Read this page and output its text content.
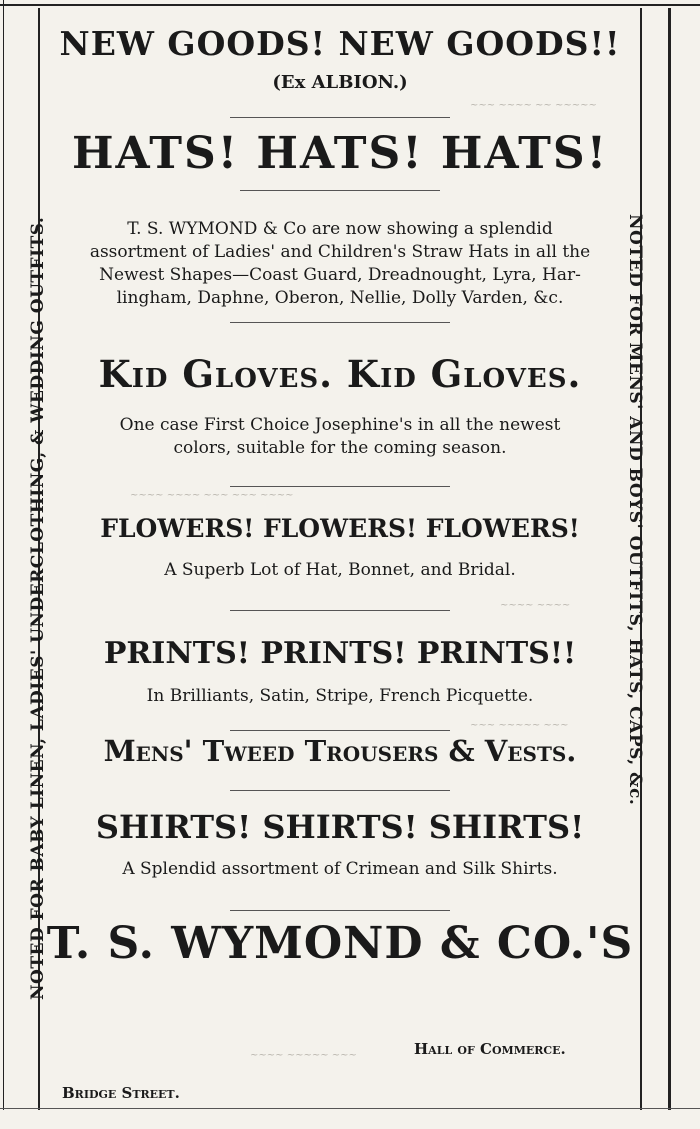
~~~ ~~~~ ~~ ~~~~~
~~~~ ~~~~ ~~~ ~~~ ~~~~
~~~~ ~~~~
~~~ ~~~~~ ~~~
~~~~ ~~~~~ ~~~
NOTED FOR BABY LINEN, LADIES' UNDERCLOTHING, & WEDDING OUTFITS.	NOTED FOR MENS' AND BOYS' OUTFITS, HATS, CAPS, &c.
NEW GOODS! NEW GOODS!!
(Ex ALBION.)
HATS! HATS! HATS!
T. S. WYMOND & Co are now showing a splendid
assortment of Ladies' and Children's Straw Hats in all the
Newest Shapes—Coast Guard, Dreadnought, Lyra, Har-
lingham, Daphne, Oberon, Nellie, Dolly Varden, &c.
Kid Gloves. Kid Gloves.
One case First Choice Josephine's in all the newest
colors, suitable for the coming season.
FLOWERS! FLOWERS! FLOWERS!
A Superb Lot of Hat, Bonnet, and Bridal.
PRINTS! PRINTS! PRINTS!!
In Brilliants, Satin, Stripe, French Picquette.
Mens' Tweed Trousers & Vests.
SHIRTS! SHIRTS! SHIRTS!
A Splendid assortment of Crimean and Silk Shirts.
T. S. WYMOND & CO.'S
Hall of Commerce.
Bridge Street.
